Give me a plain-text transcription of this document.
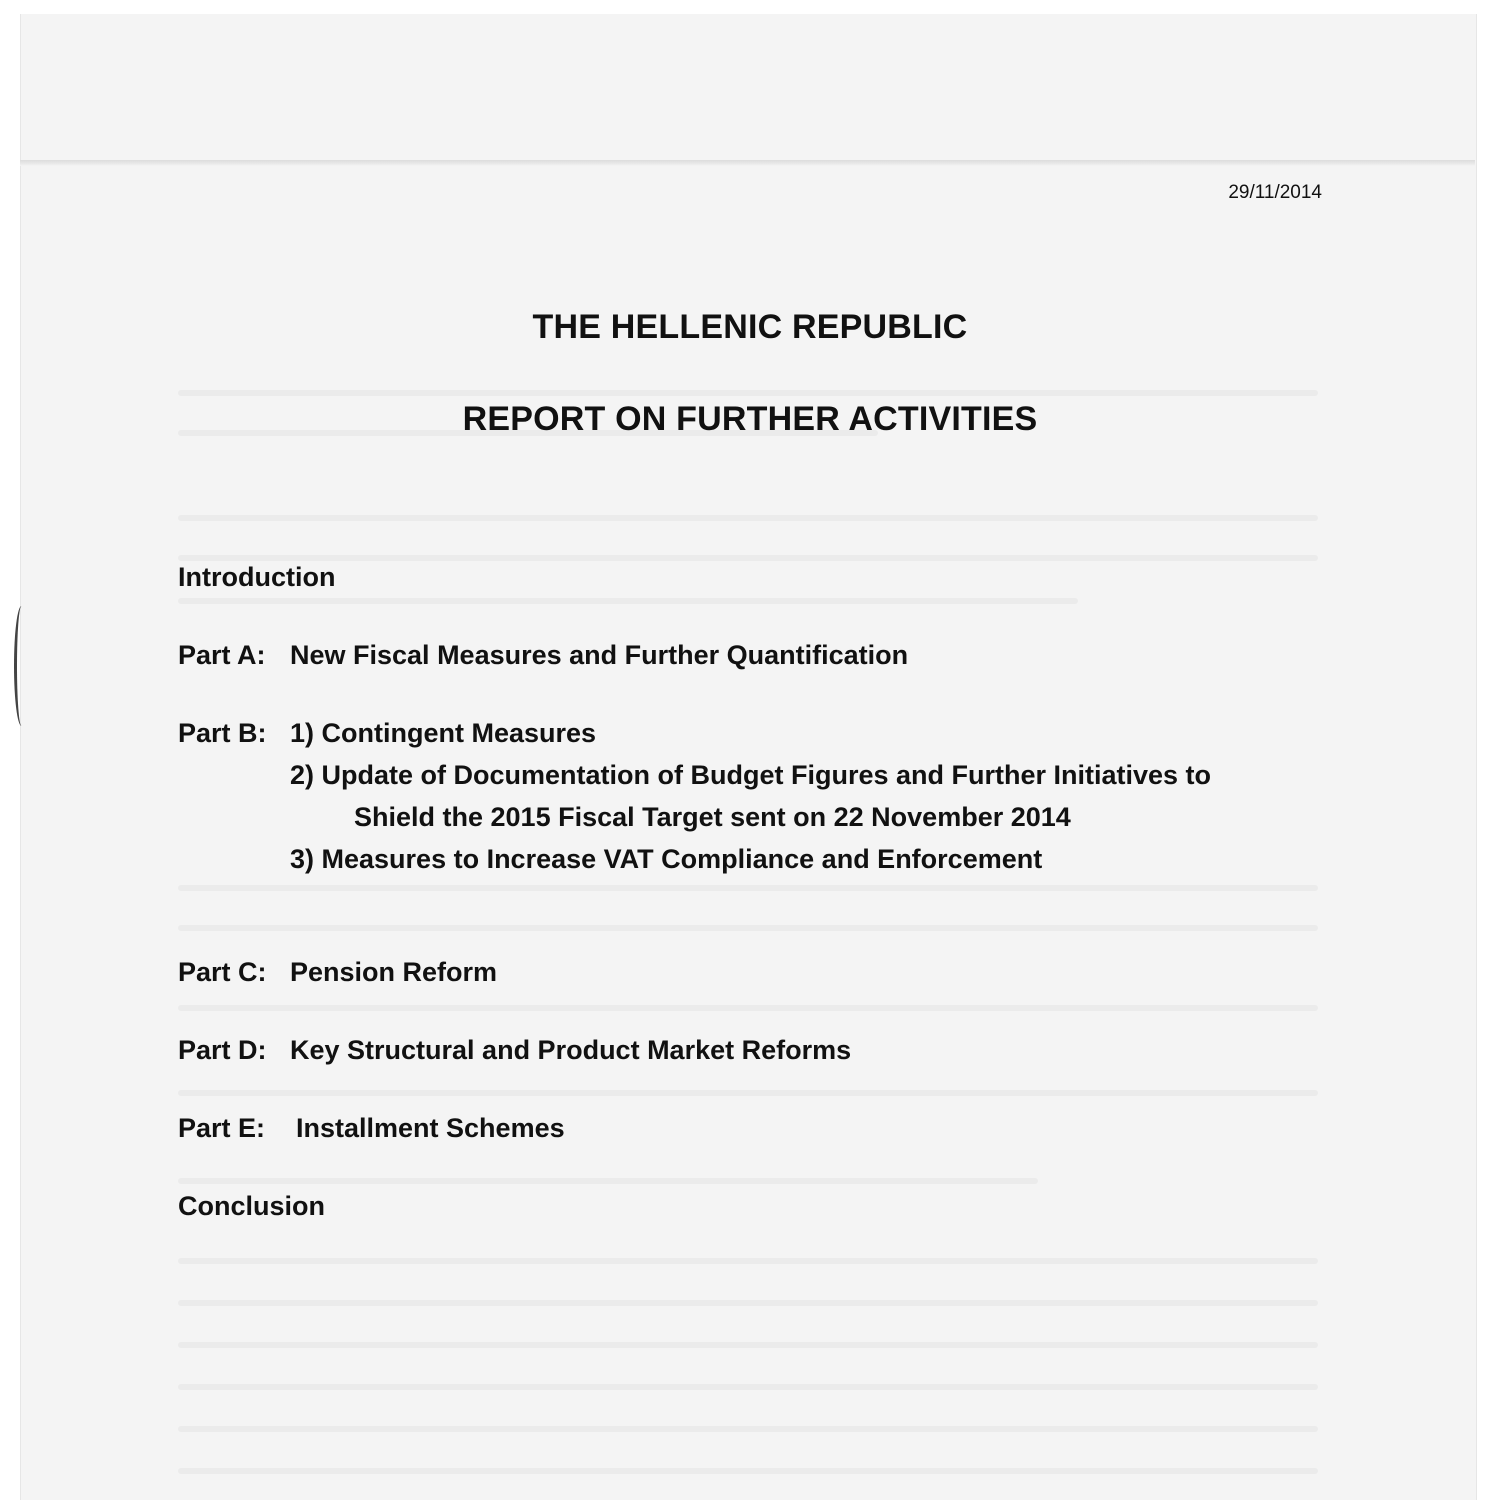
29/11/2014
THE HELLENIC REPUBLIC
REPORT ON FURTHER ACTIVITIES
Introduction
Part A: New Fiscal Measures and Further Quantification
Part B: 1) Contingent Measures
2) Update of Documentation of Budget Figures and Further Initiatives to
Shield the 2015 Fiscal Target sent on 22 November 2014
3) Measures to Increase VAT Compliance and Enforcement
Part C: Pension Reform
Part D: Key Structural and Product Market Reforms
Part E: Installment Schemes
Conclusion
